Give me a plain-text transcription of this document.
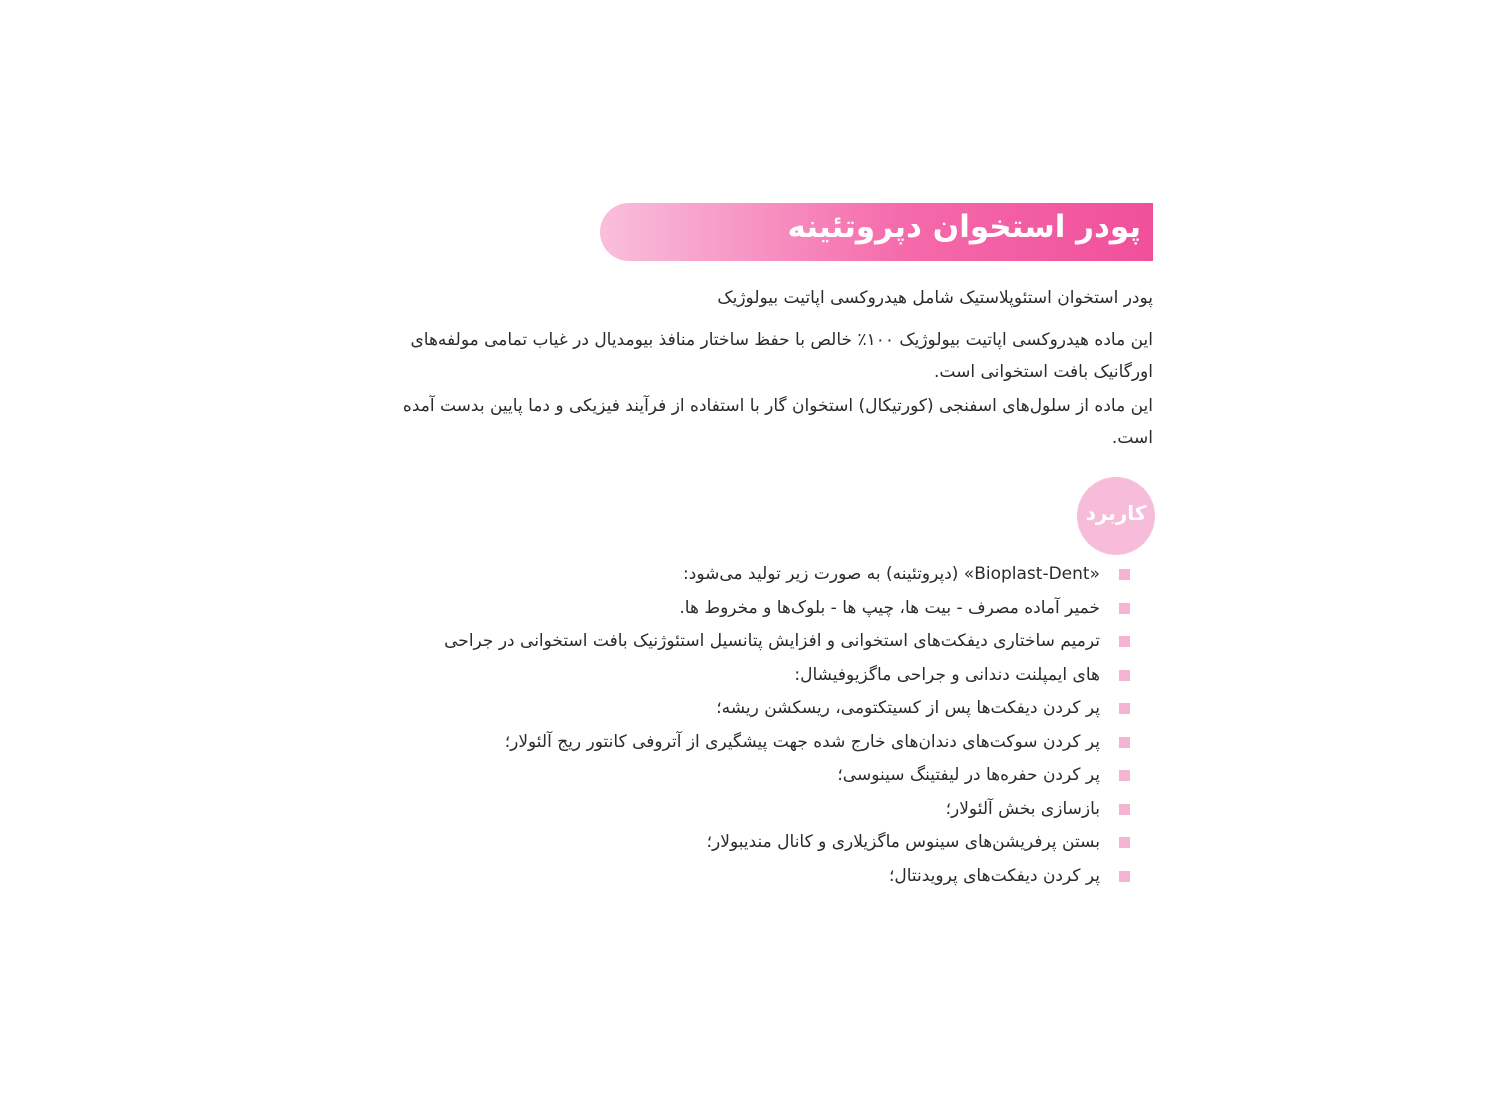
پودر استخوان دپروتئینه

پودر استخوان استئوپلاستیک شامل هیدروکسی اپاتیت بیولوژیک

این ماده هیدروکسی اپاتیت بیولوژیک ۱۰۰٪ خالص با حفظ ساختار منافذ بیومدیال در غیاب تمامی مولفه‌های اورگانیک بافت استخوانی است.

این ماده از سلول‌های اسفنجی (کورتیکال) استخوان گار با استفاده از فرآیند فیزیکی و دما پایین بدست آمده است.

کاربرد
«Bioplast-Dent» (دپروتئینه) به صورت زیر تولید می‌شود:
خمیر آماده مصرف - بیت ها، چیپ ها - بلوک‌ها و مخروط ها.
ترمیم ساختاری دیفکت‌های استخوانی و افزایش پتانسیل استئوژنیک بافت استخوانی در جراحی
های ایمپلنت دندانی و جراحی ماگزیوفیشال:
پر کردن دیفکت‌ها پس از کسیتکتومی، ریسکشن ریشه؛
پر کردن سوکت‌های دندان‌های خارج شده جهت پیشگیری از آتروفی کانتور ریج آلئولار؛
پر کردن حفره‌ها در لیفتینگ سینوسی؛
بازسازی بخش آلئولار؛
بستن پرفریشن‌های سینوس ماگزیلاری و کانال مندیبولار؛
پر کردن دیفکت‌های پرویدنتال؛
